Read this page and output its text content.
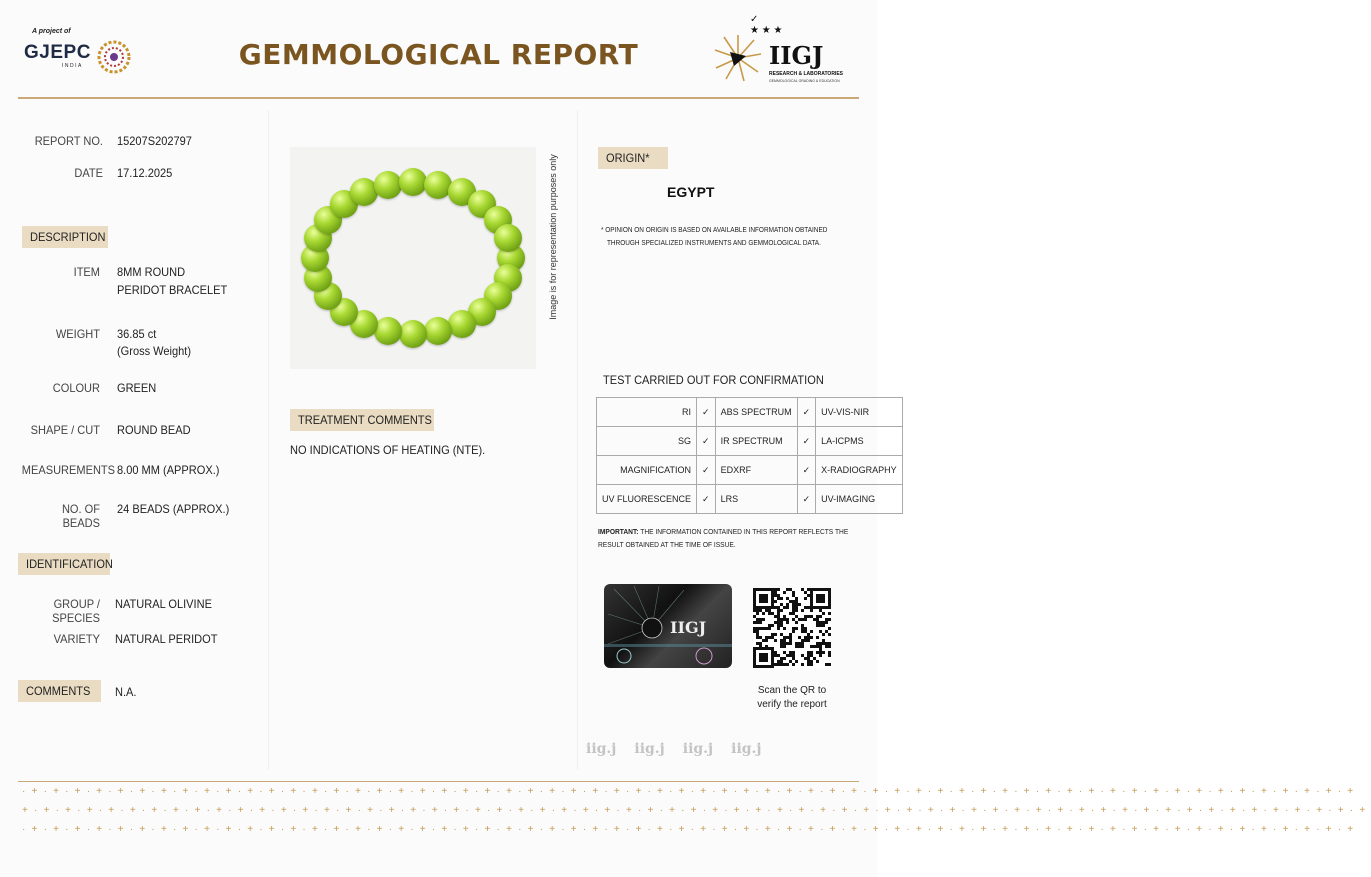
A project of
GJEPC
INDIA	GEMMOLOGICAL REPORT
✓
★ ★ ★
IIGJ
RESEARCH & LABORATORIES
GEMMOLOGICAL GRADING & EDUCATION
REPORT NO. 15207S202797
DATE 17.12.2025
DESCRIPTION
ITEM 8MM ROUND
PERIDOT BRACELET
WEIGHT 36.85 ct
(Gross Weight)
COLOUR GREEN
SHAPE / CUT ROUND BEAD
MEASUREMENTS 8.00 MM (APPROX.)
NO. OF BEADS
24 BEADS (APPROX.)
IDENTIFICATION
GROUP / SPECIES
NATURAL OLIVINE
VARIETY NATURAL PERIDOT
COMMENTS	N.A.
Image is for representation purposes only
TREATMENT COMMENTS
NO INDICATIONS OF HEATING (NTE).
ORIGIN*
EGYPT
* OPINION ON ORIGIN IS BASED ON AVAILABLE INFORMATION OBTAINED
THROUGH SPECIALIZED INSTRUMENTS AND GEMMOLOGICAL DATA.
TEST CARRIED OUT FOR CONFIRMATION
RI	✓	ABS SPECTRUM	✓	UV-VIS-NIR
SG	✓	IR SPECTRUM	✓	LA-ICPMS
MAGNIFICATION	✓	EDXRF	✓	X-RADIOGRAPHY
UV FLUORESCENCE	✓	LRS	✓	UV-IMAGING
IMPORTANT: THE INFORMATION CONTAINED IN THIS REPORT REFLECTS THE
RESULT OBTAINED AT THE TIME OF ISSUE.
IIGJ
Scan the QR to
verify the report
iig.j iig.j iig.j iig.j
·+·+·+·+·+·+·+·+·+·+·+·+·+·+·+·+·+·+·+·+·+·+·+·+·+·+·+·+·+·+·+·+·+·+·+·+·+·+·+·+·+·+·+·+·+·+·+·+·+·+·+·+·+·+·+·+·+·+·+·+·+·+
+·+·+·+·+·+·+·+·+·+·+·+·+·+·+·+·+·+·+·+·+·+·+·+·+·+·+·+·+·+·+·+·+·+·+·+·+·+·+·+·+·+·+·+·+·+·+·+·+·+·+·+·+·+·+·+·+·+·+·+·+·+·+
·+·+·+·+·+·+·+·+·+·+·+·+·+·+·+·+·+·+·+·+·+·+·+·+·+·+·+·+·+·+·+·+·+·+·+·+·+·+·+·+·+·+·+·+·+·+·+·+·+·+·+·+·+·+·+·+·+·+·+·+·+·+
